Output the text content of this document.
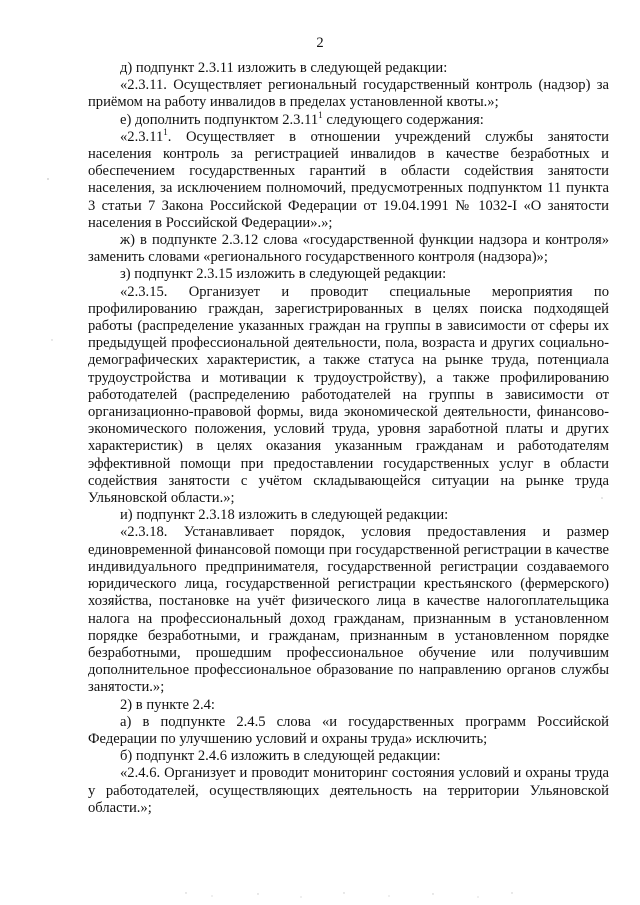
2

д) подпункт 2.3.11 изложить в следующей редакции:

«2.3.11. Осуществляет региональный государственный контроль (надзор) за приёмом на работу инвалидов в пределах установленной квоты.»;

е) дополнить подпунктом 2.3.11$^1$ следующего содержания:

«2.3.11$^1$. Осуществляет в отношении учреждений службы занятости населения контроль за регистрацией инвалидов в качестве безработных и обеспечением государственных гарантий в области содействия занятости населения, за исключением полномочий, предусмотренных подпунктом 11 пункта 3 статьи 7 Закона Российской Федерации от 19.04.1991 № 1032-I «О занятости населения в Российской Федерации».»;

ж) в подпункте 2.3.12 слова «государственной функции надзора и контроля» заменить словами «регионального государственного контроля (надзора)»;

з) подпункт 2.3.15 изложить в следующей редакции:

«2.3.15. Организует и проводит специальные мероприятия по профилированию граждан, зарегистрированных в целях поиска подходящей работы (распределение указанных граждан на группы в зависимости от сферы их предыдущей профессиональной деятельности, пола, возраста и других социально-демографических характеристик, а также статуса на рынке труда, потенциала трудоустройства и мотивации к трудоустройству), а также профилированию работодателей (распределению работодателей на группы в зависимости от организационно-правовой формы, вида экономической деятельности, финансово-экономического положения, условий труда, уровня заработной платы и других характеристик) в целях оказания указанным гражданам и работодателям эффективной помощи при предоставлении государственных услуг в области содействия занятости с учётом складывающейся ситуации на рынке труда Ульяновской области.»;

и) подпункт 2.3.18 изложить в следующей редакции:

«2.3.18. Устанавливает порядок, условия предоставления и размер единовременной финансовой помощи при государственной регистрации в качестве индивидуального предпринимателя, государственной регистрации создаваемого юридического лица, государственной регистрации крестьянского (фермерского) хозяйства, постановке на учёт физического лица в качестве налогоплательщика налога на профессиональный доход гражданам, признанным в установленном порядке безработными, и гражданам, признанным в установленном порядке безработными, прошедшим профессиональное обучение или получившим дополнительное профессиональное образование по направлению органов службы занятости.»;

2) в пункте 2.4:

а) в подпункте 2.4.5 слова «и государственных программ Российской Федерации по улучшению условий и охраны труда» исключить;

б) подпункт 2.4.6 изложить в следующей редакции:

«2.4.6. Организует и проводит мониторинг состояния условий и охраны труда у работодателей, осуществляющих деятельность на территории Ульяновской области.»;
